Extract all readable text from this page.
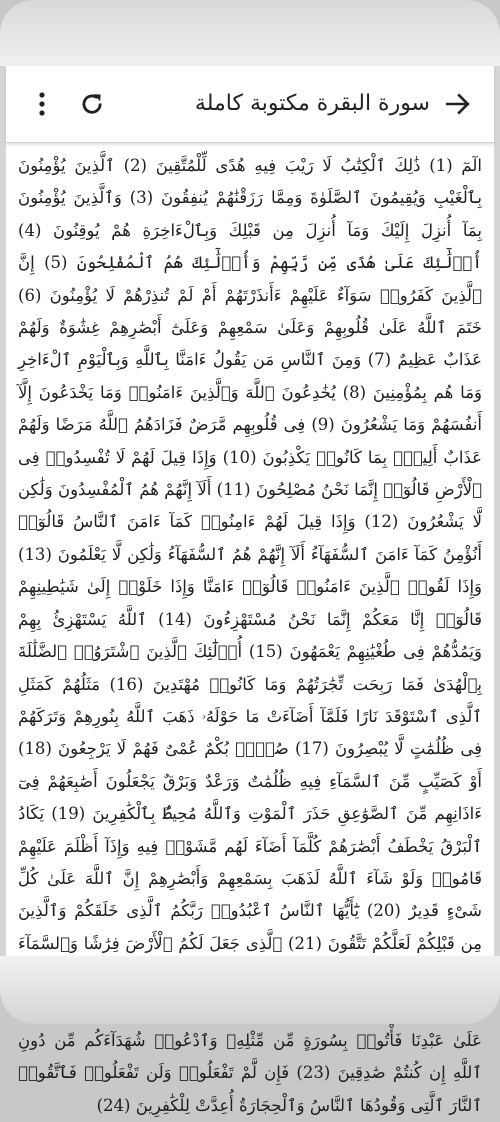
سورة البقرة مكتوبة كاملة
الٓمٓ (1) ذَٰلِكَ ٱلْكِتَٰبُ لَا رَيْبَ فِيهِ هُدًى لِّلْمُتَّقِينَ (2) ٱلَّذِينَ يُؤْمِنُونَ بِٱلْغَيْبِ وَيُقِيمُونَ ٱلصَّلَوٰةَ وَمِمَّا رَزَقْنَٰهُمْ يُنفِقُونَ (3) وَٱلَّذِينَ يُؤْمِنُونَ بِمَآ أُنزِلَ إِلَيْكَ وَمَآ أُنزِلَ مِن قَبْلِكَ وَبِٱلْءَاخِرَةِ هُمْ يُوقِنُونَ (4) أُو۟لَٰٓئِكَ عَلَىٰ هُدًى مِّن رَّبِّهِمْ وَأُو۟لَٰٓئِكَ هُمُ ٱلْمُفْلِحُونَ (5) إِنَّ ٱلَّذِينَ كَفَرُوا۟ سَوَآءٌ عَلَيْهِمْ ءَأَنذَرْتَهُمْ أَمْ لَمْ تُنذِرْهُمْ لَا يُؤْمِنُونَ (6) خَتَمَ ٱللَّهُ عَلَىٰ قُلُوبِهِمْ وَعَلَىٰ سَمْعِهِمْ وَعَلَىٰٓ أَبْصَٰرِهِمْ غِشَٰوَةٌ وَلَهُمْ عَذَابٌ عَظِيمٌ (7) وَمِنَ ٱلنَّاسِ مَن يَقُولُ ءَامَنَّا بِٱللَّهِ وَبِٱلْيَوْمِ ٱلْءَاخِرِ وَمَا هُم بِمُؤْمِنِينَ (8) يُخَٰدِعُونَ ٱللَّهَ وَٱلَّذِينَ ءَامَنُوا۟ وَمَا يَخْدَعُونَ إِلَّآ أَنفُسَهُمْ وَمَا يَشْعُرُونَ (9) فِى قُلُوبِهِم مَّرَضٌ فَزَادَهُمُ ٱللَّهُ مَرَضًا وَلَهُمْ عَذَابٌ أَلِيمٌۢ بِمَا كَانُوا۟ يَكْذِبُونَ (10) وَإِذَا قِيلَ لَهُمْ لَا تُفْسِدُوا۟ فِى ٱلْأَرْضِ قَالُوٓا۟ إِنَّمَا نَحْنُ مُصْلِحُونَ (11) أَلَآ إِنَّهُمْ هُمُ ٱلْمُفْسِدُونَ وَلَٰكِن لَّا يَشْعُرُونَ (12) وَإِذَا قِيلَ لَهُمْ ءَامِنُوا۟ كَمَآ ءَامَنَ ٱلنَّاسُ قَالُوٓا۟ أَنُؤْمِنُ كَمَآ ءَامَنَ ٱلسُّفَهَآءُ أَلَآ إِنَّهُمْ هُمُ ٱلسُّفَهَآءُ وَلَٰكِن لَّا يَعْلَمُونَ (13) وَإِذَا لَقُوا۟ ٱلَّذِينَ ءَامَنُوا۟ قَالُوٓا۟ ءَامَنَّا وَإِذَا خَلَوْا۟ إِلَىٰ شَيَٰطِينِهِمْ قَالُوٓا۟ إِنَّا مَعَكُمْ إِنَّمَا نَحْنُ مُسْتَهْزِءُونَ (14) ٱللَّهُ يَسْتَهْزِئُ بِهِمْ وَيَمُدُّهُمْ فِى طُغْيَٰنِهِمْ يَعْمَهُونَ (15) أُو۟لَٰٓئِكَ ٱلَّذِينَ ٱشْتَرَوُا۟ ٱلضَّلَٰلَةَ بِٱلْهُدَىٰ فَمَا رَبِحَت تِّجَٰرَتُهُمْ وَمَا كَانُوا۟ مُهْتَدِينَ (16) مَثَلُهُمْ كَمَثَلِ ٱلَّذِى ٱسْتَوْقَدَ نَارًا فَلَمَّآ أَضَآءَتْ مَا حَوْلَهُۥ ذَهَبَ ٱللَّهُ بِنُورِهِمْ وَتَرَكَهُمْ فِى ظُلُمَٰتٍ لَّا يُبْصِرُونَ (17) صُمٌّۢ بُكْمٌ عُمْىٌ فَهُمْ لَا يَرْجِعُونَ (18) أَوْ كَصَيِّبٍ مِّنَ ٱلسَّمَآءِ فِيهِ ظُلُمَٰتٌ وَرَعْدٌ وَبَرْقٌ يَجْعَلُونَ أَصَٰبِعَهُمْ فِىٓ ءَاذَانِهِم مِّنَ ٱلصَّوَٰعِقِ حَذَرَ ٱلْمَوْتِ وَٱللَّهُ مُحِيطٌۢ بِٱلْكَٰفِرِينَ (19) يَكَادُ ٱلْبَرْقُ يَخْطَفُ أَبْصَٰرَهُمْ كُلَّمَآ أَضَآءَ لَهُم مَّشَوْا۟ فِيهِ وَإِذَآ أَظْلَمَ عَلَيْهِمْ قَامُوا۟ وَلَوْ شَآءَ ٱللَّهُ لَذَهَبَ بِسَمْعِهِمْ وَأَبْصَٰرِهِمْ إِنَّ ٱللَّهَ عَلَىٰ كُلِّ شَىْءٍ قَدِيرٌ (20) يَٰٓأَيُّهَا ٱلنَّاسُ ٱعْبُدُوا۟ رَبَّكُمُ ٱلَّذِى خَلَقَكُمْ وَٱلَّذِينَ مِن قَبْلِكُمْ لَعَلَّكُمْ تَتَّقُونَ (21) ٱلَّذِى جَعَلَ لَكُمُ ٱلْأَرْضَ فِرَٰشًا وَٱلسَّمَآءَ عَلَىٰ عَبْدِنَا فَأْتُوا۟ بِسُورَةٍ مِّن مِّثْلِهِۦ وَٱدْعُوا۟ شُهَدَآءَكُم مِّن دُونِ ٱللَّهِ إِن كُنتُمْ صَٰدِقِينَ (23) فَإِن لَّمْ تَفْعَلُوا۟ وَلَن تَفْعَلُوا۟ فَٱتَّقُوا۟ ٱلنَّارَ ٱلَّتِى وَقُودُهَا ٱلنَّاسُ وَٱلْحِجَارَةُ أُعِدَّتْ لِلْكَٰفِرِينَ (24)
